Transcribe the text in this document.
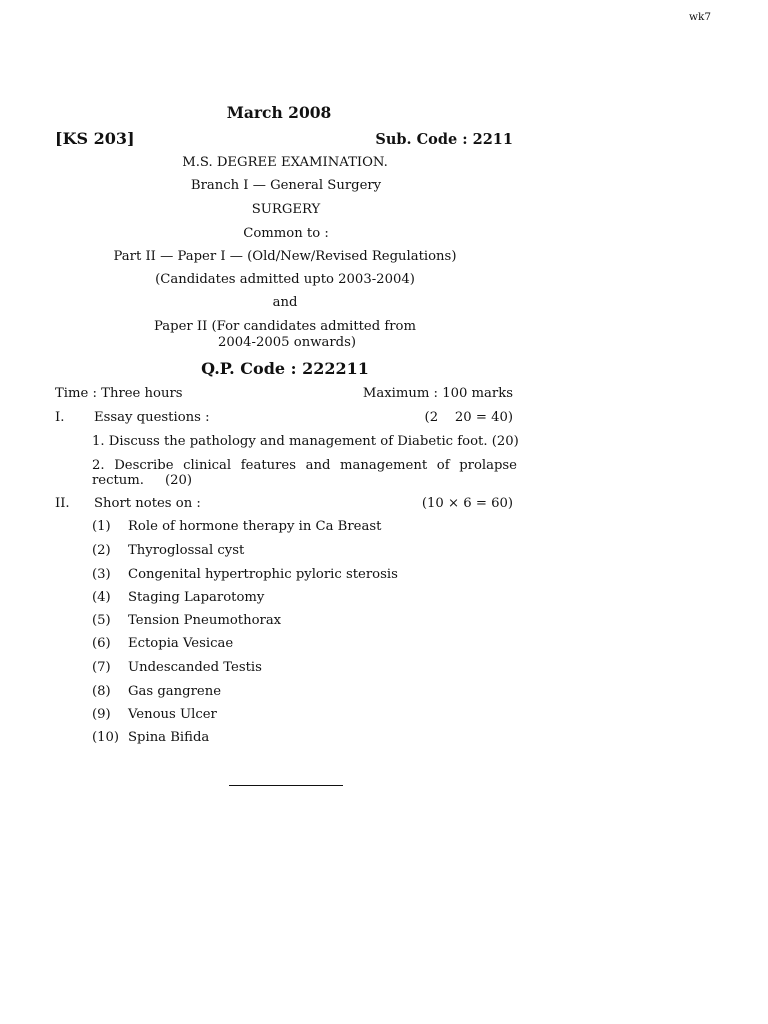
wk7
March 2008
[KS 203]	Sub. Code : 2211
M.S. DEGREE EXAMINATION.
Branch I — General Surgery
SURGERY
Common to :
Part II — Paper I — (Old/New/Revised Regulations)
(Candidates admitted upto 2003-2004)
and
Paper II (For candidates admitted from
2004-2005 onwards)
Q.P. Code : 222211
Time : Three hours	Maximum : 100 marks
I. Essay questions :	(2    20 = 40)
1. Discuss the pathology and management of Diabetic foot. (20)
2. Describe clinical features and management of prolapse rectum.     (20)
II. Short notes on :	(10 × 6 = 60)
(1) Role of hormone therapy in Ca Breast
(2) Thyroglossal cyst
(3) Congenital hypertrophic pyloric sterosis
(4) Staging Laparotomy
(5) Tension Pneumothorax
(6) Ectopia Vesicae
(7) Undescanded Testis
(8) Gas gangrene
(9) Venous Ulcer
(10) Spina Bifida
